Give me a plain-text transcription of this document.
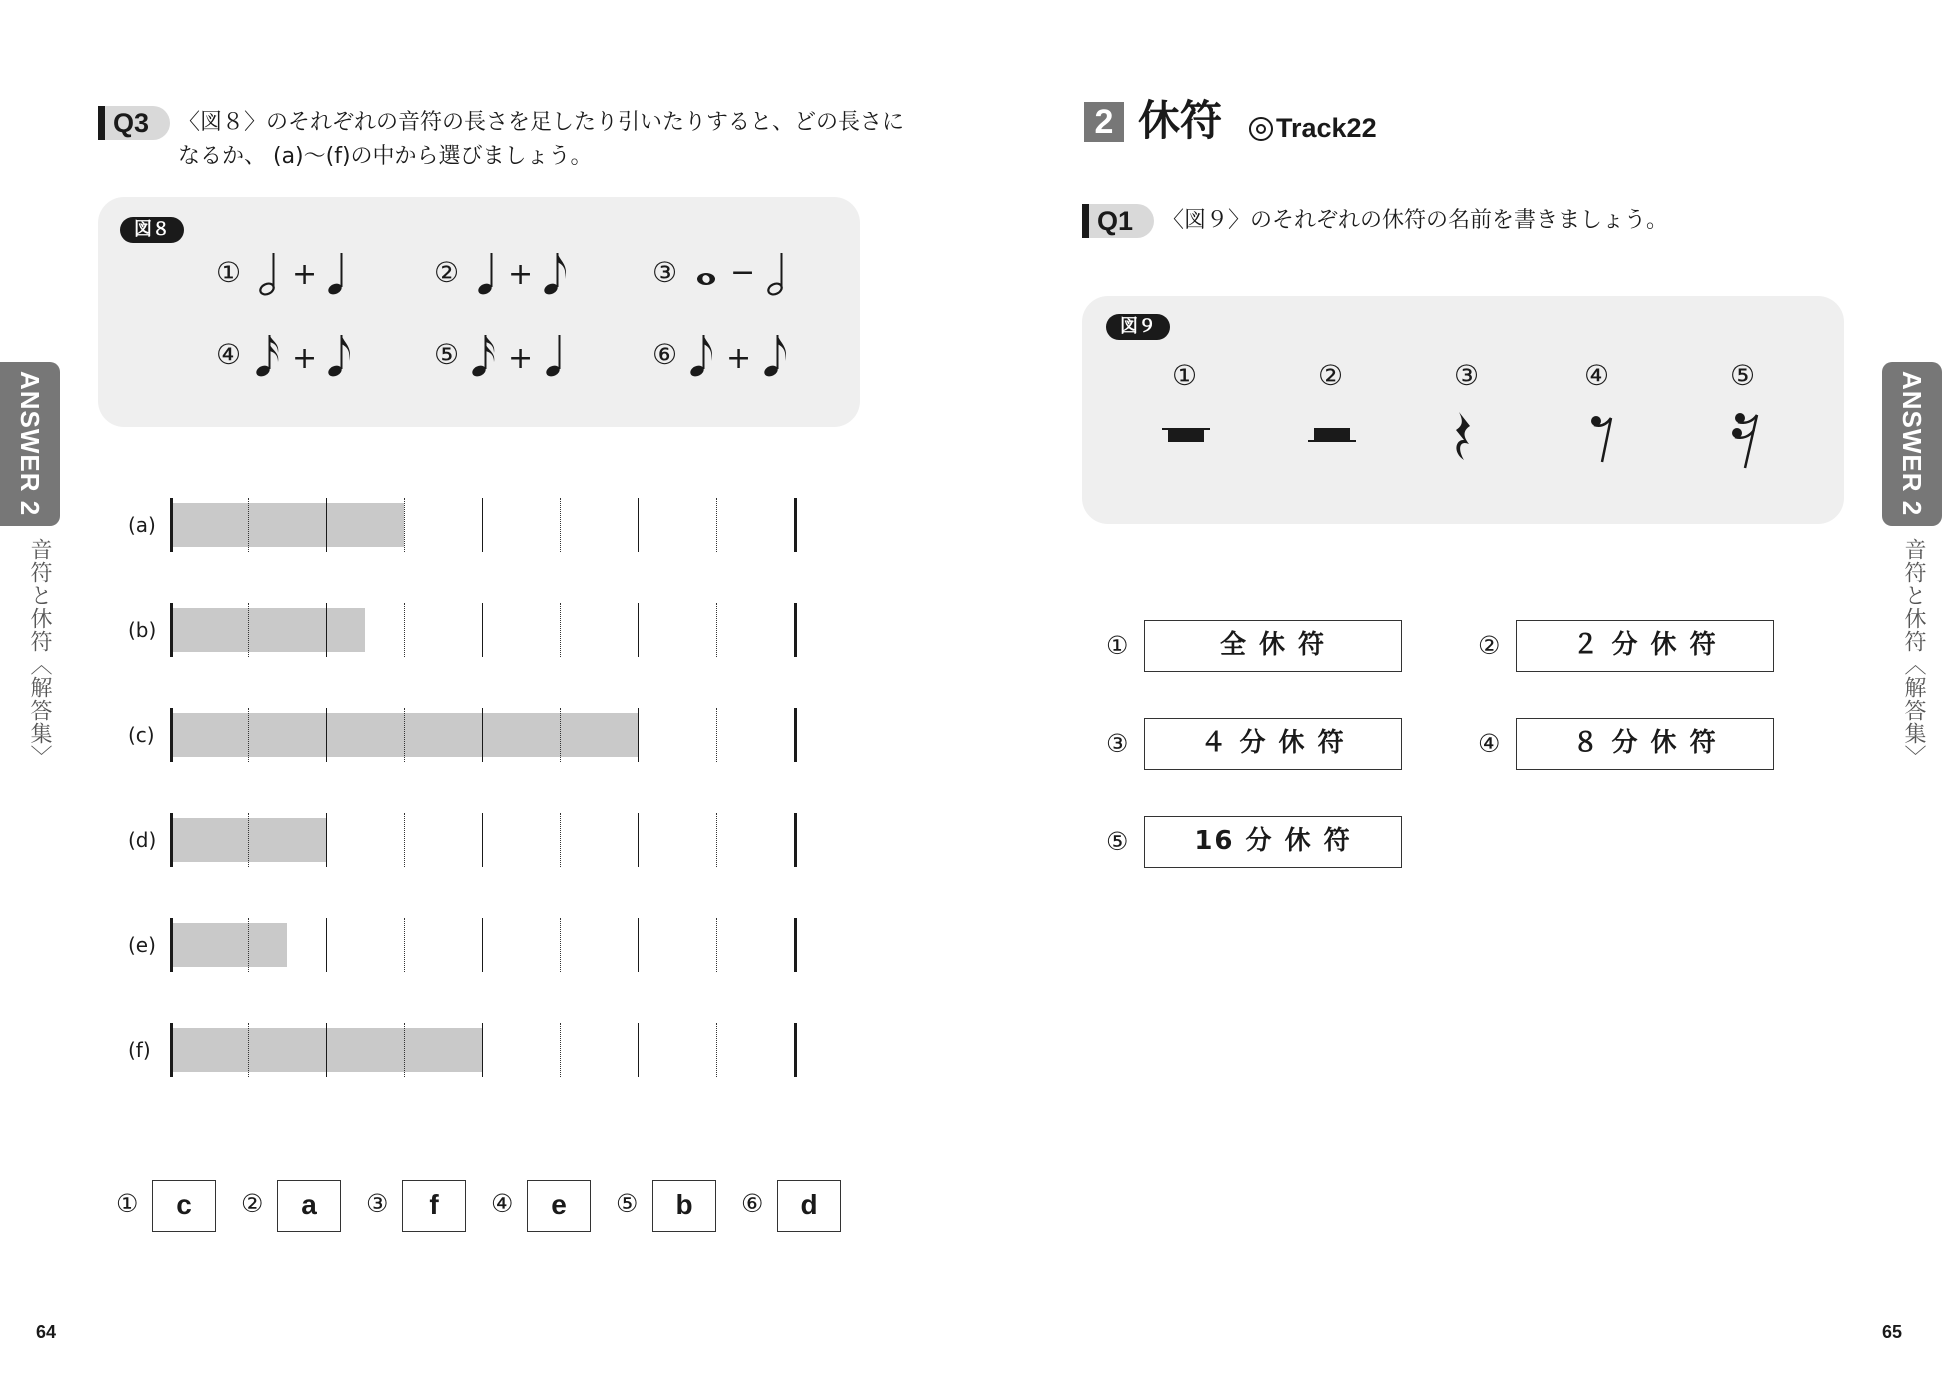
Q3	〈図８〉のそれぞれの音符の長さを足したり引いたりすると、どの長さに
なるか、 (a)〜(f)の中から選びましょう。
図８
① +	② +	③ −
④ +	⑤ +	⑥ +
(a)
(b)
(c)
(d)
(e)
(f)
①	c	②	a	③	f	④	e	⑤	b	⑥	d
ANSWER 2
音符と休符〈解答集〉
64
2 休符 Track22
Q1	〈図９〉のそれぞれの休符の名前を書きましょう。
図９
①	②	③	④	⑤
①	全 休 符	②	２ 分 休 符
③	４ 分 休 符	④	８ 分 休 符
⑤	16 分 休 符
ANSWER 2
音符と休符〈解答集〉
65
